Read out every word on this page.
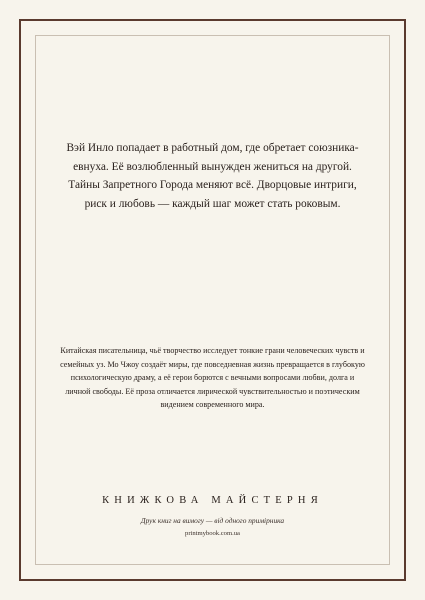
Вэй Инло попадает в работный дом, где обретает союзника-евнуха. Её возлюбленный вынужден жениться на другой. Тайны Запретного Города меняют всё. Дворцовые интриги, риск и любовь — каждый шаг может стать роковым.

Китайская писательница, чьё творчество исследует тонкие грани человеческих чувств и семейных уз. Мо Чжоу создаёт миры, где повседневная жизнь превращается в глубокую психологическую драму, а её герои борются с вечными вопросами любви, долга и личной свободы. Её проза отличается лирической чувствительностью и поэтическим видением современного мира.

КНИЖКОВА МАЙСТЕРНЯ

Друк книг на вимогу — від одного примірника

printmybook.com.ua
